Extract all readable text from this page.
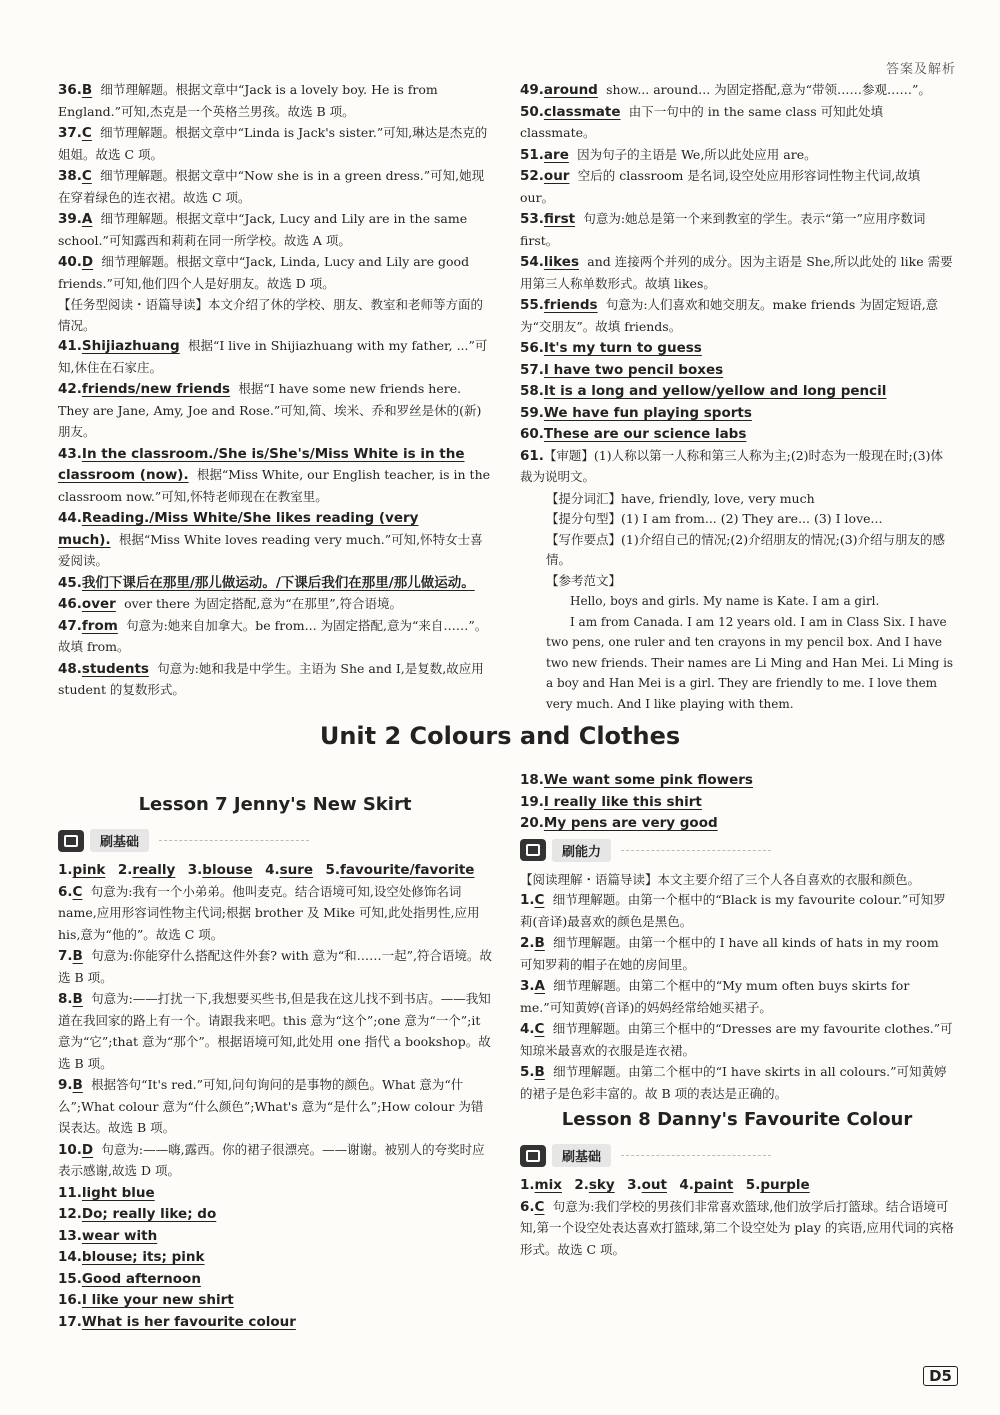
答案及解析

36.B 细节理解题。根据文章中“Jack is a lovely boy. He is from England.”可知,杰克是一个英格兰男孩。故选 B 项。

37.C 细节理解题。根据文章中“Linda is Jack's sister.”可知,琳达是杰克的姐姐。故选 C 项。

38.C 细节理解题。根据文章中“Now she is in a green dress.”可知,她现在穿着绿色的连衣裙。故选 C 项。

39.A 细节理解题。根据文章中“Jack, Lucy and Lily are in the same school.”可知露西和莉莉在同一所学校。故选 A 项。

40.D 细节理解题。根据文章中“Jack, Linda, Lucy and Lily are good friends.”可知,他们四个人是好朋友。故选 D 项。

【任务型阅读・语篇导读】本文介绍了休的学校、朋友、教室和老师等方面的情况。

41.Shijiazhuang 根据“I live in Shijiazhuang with my father, ...”可知,休住在石家庄。

42.friends/new friends 根据“I have some new friends here. They are Jane, Amy, Joe and Rose.”可知,简、埃米、乔和罗丝是休的(新)朋友。

43.In the classroom./She is/She's/Miss White is in the classroom (now). 根据“Miss White, our English teacher, is in the classroom now.”可知,怀特老师现在在教室里。

44.Reading./Miss White/She likes reading (very much). 根据“Miss White loves reading very much.”可知,怀特女士喜爱阅读。

45.我们下课后在那里/那儿做运动。/下课后我们在那里/那儿做运动。

46.over over there 为固定搭配,意为“在那里”,符合语境。

47.from 句意为:她来自加拿大。be from... 为固定搭配,意为“来自……”。故填 from。

48.students 句意为:她和我是中学生。主语为 She and I,是复数,故应用 student 的复数形式。

49.around show... around... 为固定搭配,意为“带领……参观……”。

50.classmate 由下一句中的 in the same class 可知此处填 classmate。

51.are 因为句子的主语是 We,所以此处应用 are。

52.our 空后的 classroom 是名词,设空处应用形容词性物主代词,故填 our。

53.first 句意为:她总是第一个来到教室的学生。表示“第一”应用序数词 first。

54.likes and 连接两个并列的成分。因为主语是 She,所以此处的 like 需要用第三人称单数形式。故填 likes。

55.friends 句意为:人们喜欢和她交朋友。make friends 为固定短语,意为“交朋友”。故填 friends。

56.It's my turn to guess

57.I have two pencil boxes

58.It is a long and yellow/yellow and long pencil

59.We have fun playing sports

60.These are our science labs

61.【审题】(1)人称以第一人称和第三人称为主;(2)时态为一般现在时;(3)体裁为说明文。

【提分词汇】have, friendly, love, very much

【提分句型】(1) I am from... (2) They are... (3) I love...

【写作要点】(1)介绍自己的情况;(2)介绍朋友的情况;(3)介绍与朋友的感情。

【参考范文】

Hello, boys and girls. My name is Kate. I am a girl.

I am from Canada. I am 12 years old. I am in Class Six. I have two pens, one ruler and ten crayons in my pencil box. And I have two new friends. Their names are Li Ming and Han Mei. Li Ming is a boy and Han Mei is a girl. They are friendly to me. I love them very much. And I like playing with them.

Unit 2 Colours and Clothes
Lesson 7 Jenny's New Skirt
刷基础

1.pink 2.really 3.blouse 4.sure 5.favourite/favorite

6.C 句意为:我有一个小弟弟。他叫麦克。结合语境可知,设空处修饰名词 name,应用形容词性物主代词;根据 brother 及 Mike 可知,此处指男性,应用 his,意为“他的”。故选 C 项。

7.B 句意为:你能穿什么搭配这件外套? with 意为“和……一起”,符合语境。故选 B 项。

8.B 句意为:——打扰一下,我想要买些书,但是我在这儿找不到书店。——我知道在我回家的路上有一个。请跟我来吧。this 意为“这个”;one 意为“一个”;it 意为“它”;that 意为“那个”。根据语境可知,此处用 one 指代 a bookshop。故选 B 项。

9.B 根据答句“It's red.”可知,问句询问的是事物的颜色。What 意为“什么”;What colour 意为“什么颜色”;What's 意为“是什么”;How colour 为错误表达。故选 B 项。

10.D 句意为:——嗨,露西。你的裙子很漂亮。——谢谢。被别人的夸奖时应表示感谢,故选 D 项。

11.light blue

12.Do; really like; do

13.wear with

14.blouse; its; pink

15.Good afternoon

16.I like your new shirt

17.What is her favourite colour

18.We want some pink flowers

19.I really like this shirt

20.My pens are very good

刷能力

【阅读理解・语篇导读】本文主要介绍了三个人各自喜欢的衣服和颜色。

1.C 细节理解题。由第一个框中的“Black is my favourite colour.”可知罗莉(音译)最喜欢的颜色是黑色。

2.B 细节理解题。由第一个框中的 I have all kinds of hats in my room 可知罗莉的帽子在她的房间里。

3.A 细节理解题。由第二个框中的“My mum often buys skirts for me.”可知黄婷(音译)的妈妈经常给她买裙子。

4.C 细节理解题。由第三个框中的“Dresses are my favourite clothes.”可知琼米最喜欢的衣服是连衣裙。

5.B 细节理解题。由第二个框中的“I have skirts in all colours.”可知黄婷的裙子是色彩丰富的。故 B 项的表达是正确的。

Lesson 8 Danny's Favourite Colour
刷基础

1.mix 2.sky 3.out 4.paint 5.purple

6.C 句意为:我们学校的男孩们非常喜欢篮球,他们放学后打篮球。结合语境可知,第一个设空处表达喜欢打篮球,第二个设空处为 play 的宾语,应用代词的宾格形式。故选 C 项。

D5
